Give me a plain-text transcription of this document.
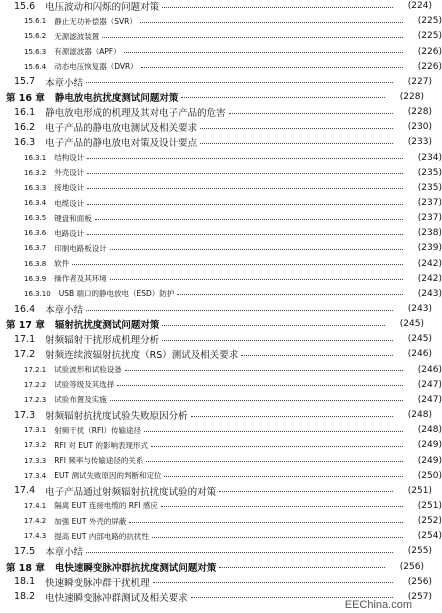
15.6 电压波动和闪烁的问题对策	(224)
15.6.1 静止无功补偿器（SVR）	(225)
15.6.2 无源滤波装置	(225)
15.6.3 有源滤波器（APF）	(226)
15.6.4 动态电压恢复器（DVR）	(226)
15.7 本章小结	(227)
第 16 章 静电放电抗扰度测试问题对策	(228)
16.1 静电放电形成的机理及其对电子产品的危害	(228)
16.2 电子产品的静电放电测试及相关要求	(230)
16.3 电子产品的静电放电对策及设计要点	(233)
16.3.1 结构设计	(234)
16.3.2 外壳设计	(235)
16.3.3 接地设计	(235)
16.3.4 电缆设计	(237)
16.3.5 键盘和面板	(237)
16.3.6 电路设计	(238)
16.3.7 印制电路板设计	(239)
16.3.8 软件	(242)
16.3.9 操作者及其环境	(242)
16.3.10 USB 端口的静电放电（ESD）防护	(243)
16.4 本章小结	(243)
第 17 章 辐射抗扰度测试问题对策	(245)
17.1 射频辐射干扰形成机理分析	(245)
17.2 射频连续波辐射抗扰度（RS）测试及相关要求	(246)
17.2.1 试验波形和试验设备	(246)
17.2.2 试验等级及其选择	(247)
17.2.3 试验布置及实施	(247)
17.3 射频辐射抗扰度试验失败原因分析	(248)
17.3.1 射频干扰（RFI）传输途径	(248)
17.3.2 RFI 对 EUT 的影响表现形式	(249)
17.3.3 RFI 频率与传输途径的关系	(249)
17.3.4 EUT 测试失败原因的判断和定位	(250)
17.4 电子产品通过射频辐射抗扰度试验的对策	(251)
17.4.1 隔离 EUT 连接电缆的 RFI 感应	(251)
17.4.2 加强 EUT 外壳的屏蔽	(252)
17.4.3 提高 EUT 内部电路的抗扰性	(254)
17.5 本章小结	(255)
第 18 章 电快速瞬变脉冲群抗扰度测试问题对策	(256)
18.1 快速瞬变脉冲群干扰机理	(256)
18.2 电快速瞬变脉冲群测试及相关要求	(257)
EEChina.com
